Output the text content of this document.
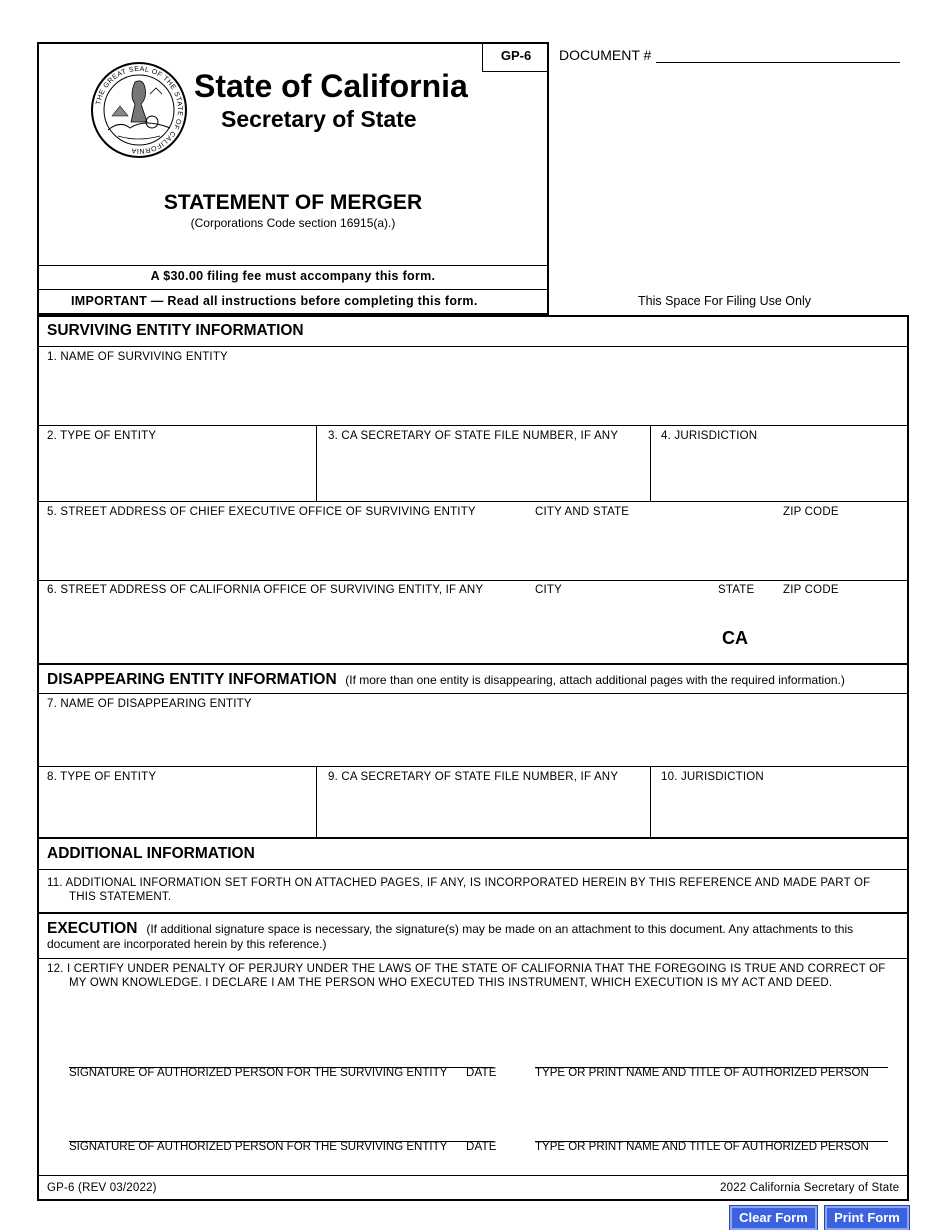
GP-6	DOCUMENT #
THE GREAT SEAL OF THE STATE OF CALIFORNIA
State of California
Secretary of State
STATEMENT OF MERGER
(Corporations Code section 16915(a).)
A $30.00 filing fee must accompany this form.
IMPORTANT — Read all instructions before completing this form.	This Space For Filing Use Only
SURVIVING ENTITY INFORMATION
1. NAME OF SURVIVING ENTITY
2. TYPE OF ENTITY	3. CA SECRETARY OF STATE FILE NUMBER, IF ANY	4. JURISDICTION
5. STREET ADDRESS OF CHIEF EXECUTIVE OFFICE OF SURVIVING ENTITY	CITY AND STATE	ZIP CODE
6. STREET ADDRESS OF CALIFORNIA OFFICE OF SURVIVING ENTITY, IF ANY	CITY	STATE ZIP CODE
CA
DISAPPEARING ENTITY INFORMATION (If more than one entity is disappearing, attach additional pages with the required information.)
7. NAME OF DISAPPEARING ENTITY
8. TYPE OF ENTITY	9. CA SECRETARY OF STATE FILE NUMBER, IF ANY	10. JURISDICTION
ADDITIONAL INFORMATION
11. ADDITIONAL INFORMATION SET FORTH ON ATTACHED PAGES, IF ANY, IS INCORPORATED HEREIN BY THIS REFERENCE AND MADE PART OF
THIS STATEMENT.
EXECUTION (If additional signature space is necessary, the signature(s) may be made on an attachment to this document. Any attachments to this
document are incorporated herein by this reference.)
12. I CERTIFY UNDER PENALTY OF PERJURY UNDER THE LAWS OF THE STATE OF CALIFORNIA THAT THE FOREGOING IS TRUE AND CORRECT OF
MY OWN KNOWLEDGE. I DECLARE I AM THE PERSON WHO EXECUTED THIS INSTRUMENT, WHICH EXECUTION IS MY ACT AND DEED.
SIGNATURE OF AUTHORIZED PERSON FOR THE SURVIVING ENTITY DATE	TYPE OR PRINT NAME AND TITLE OF AUTHORIZED PERSON
SIGNATURE OF AUTHORIZED PERSON FOR THE SURVIVING ENTITY DATE	TYPE OR PRINT NAME AND TITLE OF AUTHORIZED PERSON
GP-6 (REV 03/2022)	2022 California Secretary of State
Clear Form	Print Form
